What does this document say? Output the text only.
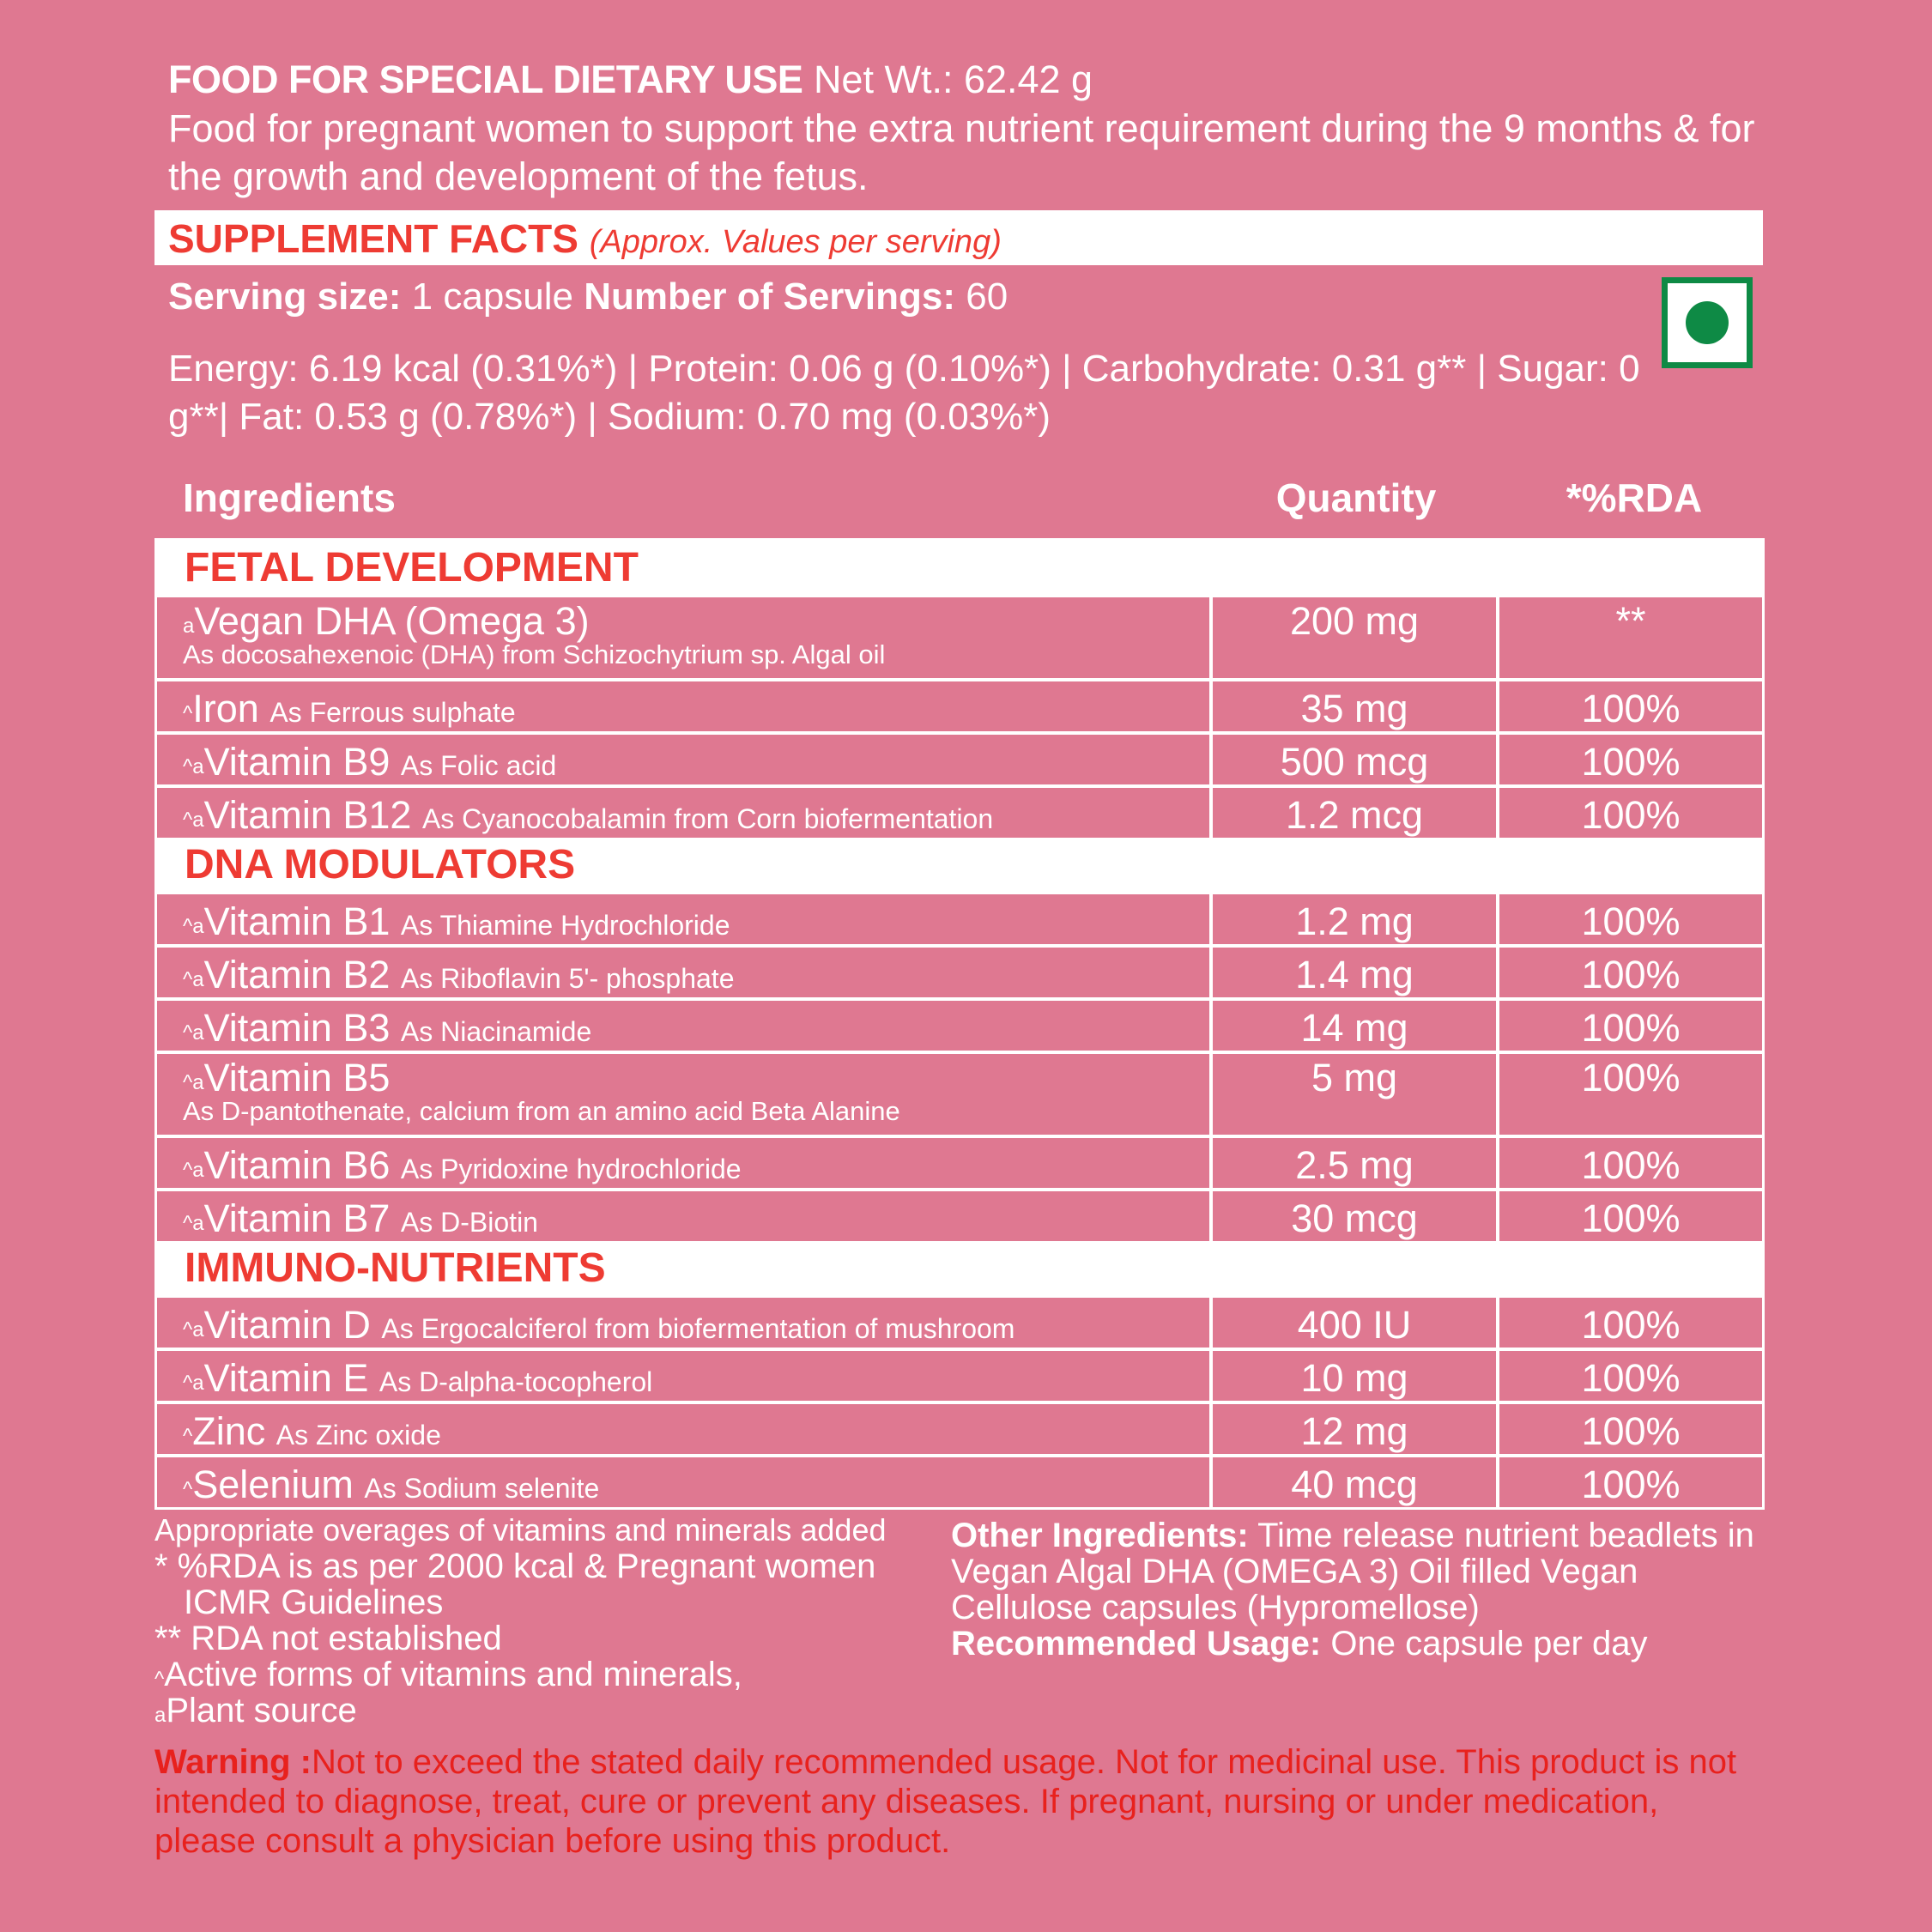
FOOD FOR SPECIAL DIETARY USE Net Wt.: 62.42 g
Food for pregnant women to support the extra nutrient requirement during the 9 months & for the growth and development of the fetus.
SUPPLEMENT FACTS (Approx. Values per serving)
Serving size: 1 capsule Number of Servings: 60
Energy: 6.19 kcal (0.31%*) | Protein: 0.06 g (0.10%*) | Carbohydrate: 0.31 g** | Sugar: 0 g**| Fat: 0.53 g (0.78%*) | Sodium: 0.70 mg (0.03%*)
Ingredients	Quantity	*%RDA
FETAL DEVELOPMENT
$^a$Vegan DHA (Omega 3)
As docosahexenoic (DHA) from Schizochytrium sp. Algal oil
200 mg	**
^Iron As Ferrous sulphate	35 mg	100%
$^{\^{}a}$Vitamin B9 As Folic acid	500 mcg	100%
$^{\^{}a}$Vitamin B12 As Cyanocobalamin from Corn biofermentation	1.2 mcg	100%
DNA MODULATORS
$^{\^{}a}$Vitamin B1 As Thiamine Hydrochloride	1.2 mg	100%
$^{\^{}a}$Vitamin B2 As Riboflavin 5'- phosphate	1.4 mg	100%
$^{\^{}a}$Vitamin B3 As Niacinamide	14 mg	100%
$^{\^{}a}$Vitamin B5
As D-pantothenate, calcium from an amino acid Beta Alanine
5 mg	100%
$^{\^{}a}$Vitamin B6 As Pyridoxine hydrochloride	2.5 mg	100%
$^{\^{}a}$Vitamin B7 As D-Biotin	30 mcg	100%
IMMUNO-NUTRIENTS
$^{\^{}a}$Vitamin D As Ergocalciferol from biofermentation of mushroom	400 IU	100%
$^{\^{}a}$Vitamin E As D-alpha-tocopherol	10 mg	100%
^Zinc As Zinc oxide	12 mg	100%
^Selenium As Sodium selenite	40 mcg	100%
Appropriate overages of vitamins and minerals added
* %RDA is as per 2000 kcal & Pregnant women
ICMR Guidelines
** RDA not established
^Active forms of vitamins and minerals,
$^a$Plant source
Other Ingredients: Time release nutrient beadlets in Vegan Algal DHA (OMEGA 3) Oil filled Vegan Cellulose capsules (Hypromellose)
Recommended Usage: One capsule per day
Warning :Not to exceed the stated daily recommended usage. Not for medicinal use. This product is not intended to diagnose, treat, cure or prevent any diseases. If pregnant, nursing or under medication, please consult a physician before using this product.
